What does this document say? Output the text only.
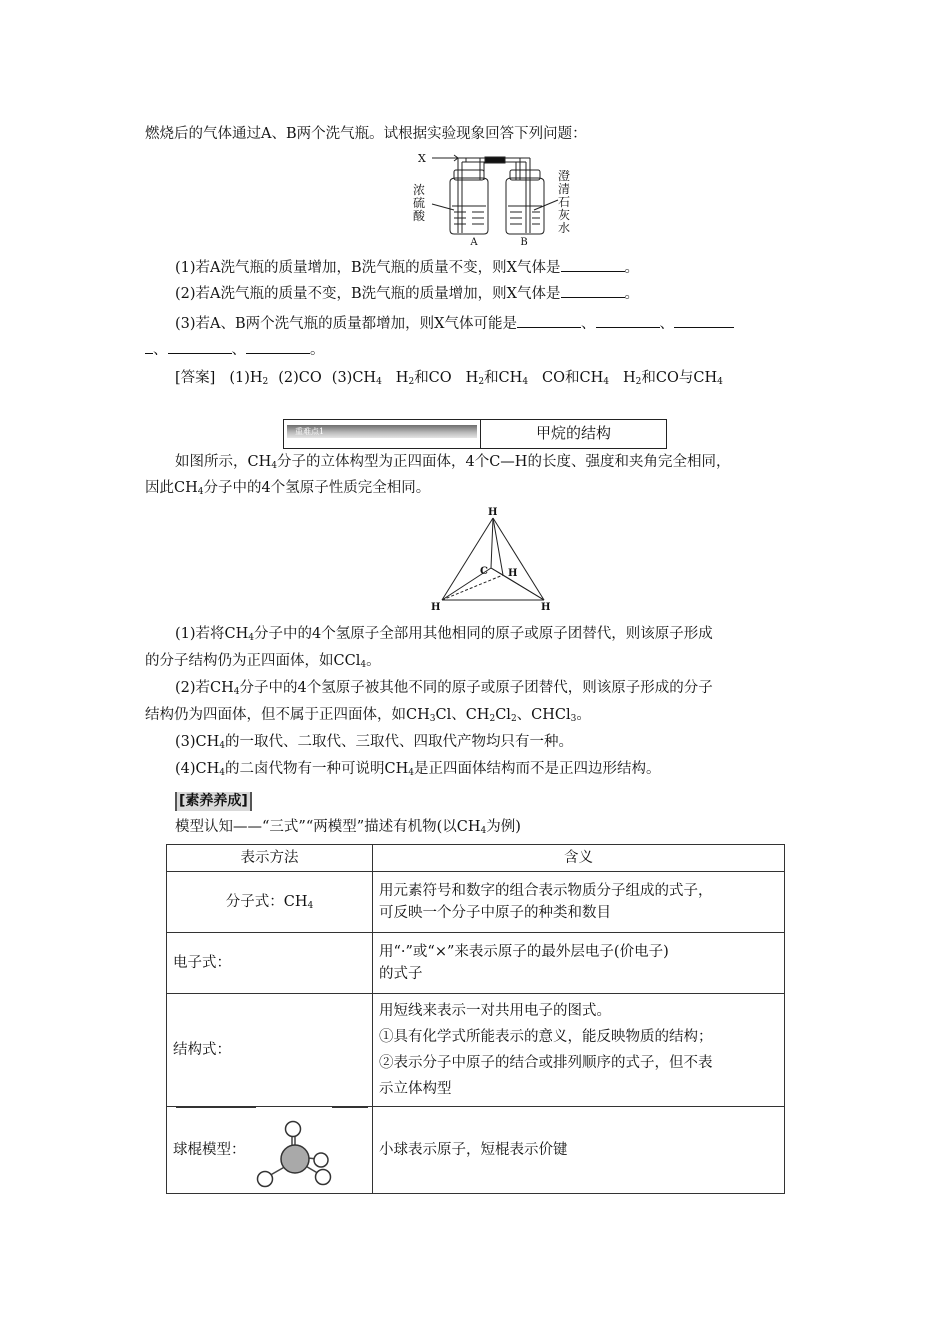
燃烧后的气体通过A、B两个洗气瓶。试根据实验现象回答下列问题：
X
A	B
浓硫酸
澄清石灰水
(1)若A洗气瓶的质量增加，B洗气瓶的质量不变，则X气体是	。
(2)若A洗气瓶的质量不变，B洗气瓶的质量增加，则X气体是	。
(3)若A、B两个洗气瓶的质量都增加，则X气体可能是	、	、
、	、	。
[答案] $(1)H_2$ (2)CO $(3)CH_4$ $H_2$和CO $H_2$和$CH_4$ CO和$CH_4$ $H_2$和CO与$CH_4$
重难点1	甲烷的结构
如图所示，$CH_4$分子的立体构型为正四面体，4个C—H的长度、强度和夹角完全相同，
因此$CH_4$分子中的4个氢原子性质完全相同。
H
C H
H	H
(1)若将$CH_4$分子中的4个氢原子全部用其他相同的原子或原子团替代，则该原子形成
的分子结构仍为正四面体，如CCl$_4$。
(2)若$CH_4$分子中的4个氢原子被其他不同的原子或原子团替代，则该原子形成的分子
结构仍为四面体，但不属于正四面体，如$CH_3Cl$、$CH_2Cl_2$、CHCl$_3$。
$(3)CH_4$的一取代、二取代、三取代、四取代产物均只有一种。
$(4)CH_4$的二卤代物有一种可说明$CH_4$是正四面体结构而不是正四边形结构。
[素养养成]
模型认知——“三式”“两模型”描述有机物(以$CH_4$为例)
表示方法	含义
分子式：$CH_4$	用元素符号和数字的组合表示物质分子组成的式子，
可反映一个分子中原子的种类和数目

电子式：	用“·”或“×”来表示原子的最外层电子(价电子)
的式子

结构式：	用短线来表示一对共用电子的图式。
①具有化学式所能表示的意义，能反映物质的结构；
②表示分子中原子的结合或排列顺序的式子，但不表
示立体构型

球棍模型：	小球表示原子，短棍表示价键
